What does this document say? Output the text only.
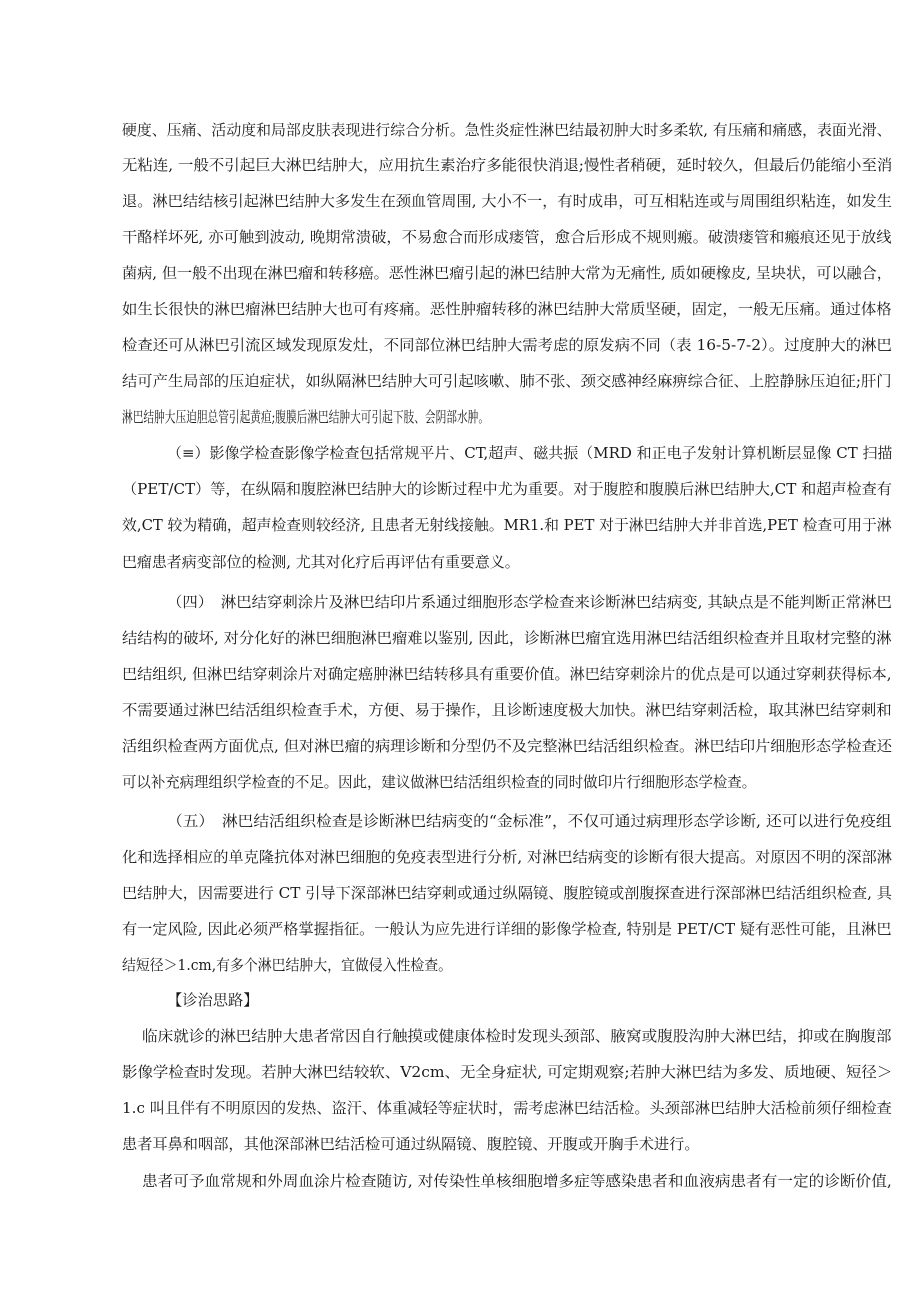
硬度、压痛、活动度和局部皮肤表现进行综合分析。急性炎症性淋巴结最初肿大时多柔软, 有压痛和痛感，表面光滑、
无粘连, 一般不引起巨大淋巴结肿大，应用抗生素治疗多能很快消退;慢性者稍硬，延时较久，但最后仍能缩小至消
退。淋巴结结核引起淋巴结肿大多发生在颈血管周围, 大小不一，有时成串，可互相粘连或与周围组织粘连，如发生
干酪样坏死, 亦可触到波动, 晚期常溃破，不易愈合而形成瘘管，愈合后形成不规则瘢。破溃瘘管和瘢痕还见于放线
菌病, 但一般不出现在淋巴瘤和转移癌。恶性淋巴瘤引起的淋巴结肿大常为无痛性, 质如硬橡皮, 呈块状，可以融合，
如生长很快的淋巴瘤淋巴结肿大也可有疼痛。恶性肿瘤转移的淋巴结肿大常质坚硬，固定，一般无压痛。通过体格
检查还可从淋巴引流区域发现原发灶，不同部位淋巴结肿大需考虑的原发病不同（表 16-5-7-2）。过度肿大的淋巴
结可产生局部的压迫症状，如纵隔淋巴结肿大可引起咳嗽、肺不张、颈交感神经麻痹综合征、上腔静脉压迫征;肝门
淋巴结肿大压迫胆总管引起黄疸;腹膜后淋巴结肿大可引起下肢、会阴部水肿。
（≡）影像学检查影像学检查包括常规平片、CT,超声、磁共振（MRD 和正电子发射计算机断层显像 CT 扫描
（PET/CT）等，在纵隔和腹腔淋巴结肿大的诊断过程中尤为重要。对于腹腔和腹膜后淋巴结肿大,CT 和超声检查有
效,CT 较为精确，超声检查则较经济, 且患者无射线接触。MR1.和 PET 对于淋巴结肿大并非首选,PET 检查可用于淋
巴瘤患者病变部位的检测, 尤其对化疗后再评估有重要意义。
（四）　淋巴结穿刺涂片及淋巴结印片系通过细胞形态学检查来诊断淋巴结病变, 其缺点是不能判断正常淋巴
结结构的破坏, 对分化好的淋巴细胞淋巴瘤难以鉴别, 因此，诊断淋巴瘤宜选用淋巴结活组织检查并且取材完整的淋
巴结组织, 但淋巴结穿刺涂片对确定癌肿淋巴结转移具有重要价值。淋巴结穿刺涂片的优点是可以通过穿刺获得标本,
不需要通过淋巴结活组织检查手术，方便、易于操作，且诊断速度极大加快。淋巴结穿刺活检，取其淋巴结穿刺和
活组织检查两方面优点, 但对淋巴瘤的病理诊断和分型仍不及完整淋巴结活组织检查。淋巴结印片细胞形态学检查还
可以补充病理组织学检查的不足。因此，建议做淋巴结活组织检查的同时做印片行细胞形态学检查。
（五）　淋巴结活组织检查是诊断淋巴结病变的“金标准”，不仅可通过病理形态学诊断, 还可以进行免疫组
化和选择相应的单克隆抗体对淋巴细胞的免疫表型进行分析, 对淋巴结病变的诊断有很大提高。对原因不明的深部淋
巴结肿大，因需要进行 CT 引导下深部淋巴结穿刺或通过纵隔镜、腹腔镜或剖腹探查进行深部淋巴结活组织检查, 具
有一定风险, 因此必须严格掌握指征。一般认为应先进行详细的影像学检查, 特别是 PET/CT 疑有恶性可能，且淋巴
结短径＞1.cm,有多个淋巴结肿大，宜做侵入性检查。
【诊治思路】
临床就诊的淋巴结肿大患者常因自行触摸或健康体检时发现头颈部、腋窝或腹股沟肿大淋巴结，抑或在胸腹部
影像学检查时发现。若肿大淋巴结较软、V2cm、无全身症状, 可定期观察;若肿大淋巴结为多发、质地硬、短径＞
1.c 叫且伴有不明原因的发热、盗汗、体重减轻等症状时，需考虑淋巴结活检。头颈部淋巴结肿大活检前须仔细检查
患者耳鼻和咽部，其他深部淋巴结活检可通过纵隔镜、腹腔镜、开腹或开胸手术进行。
患者可予血常规和外周血涂片检查随访, 对传染性单核细胞增多症等感染患者和血液病患者有一定的诊断价值,
